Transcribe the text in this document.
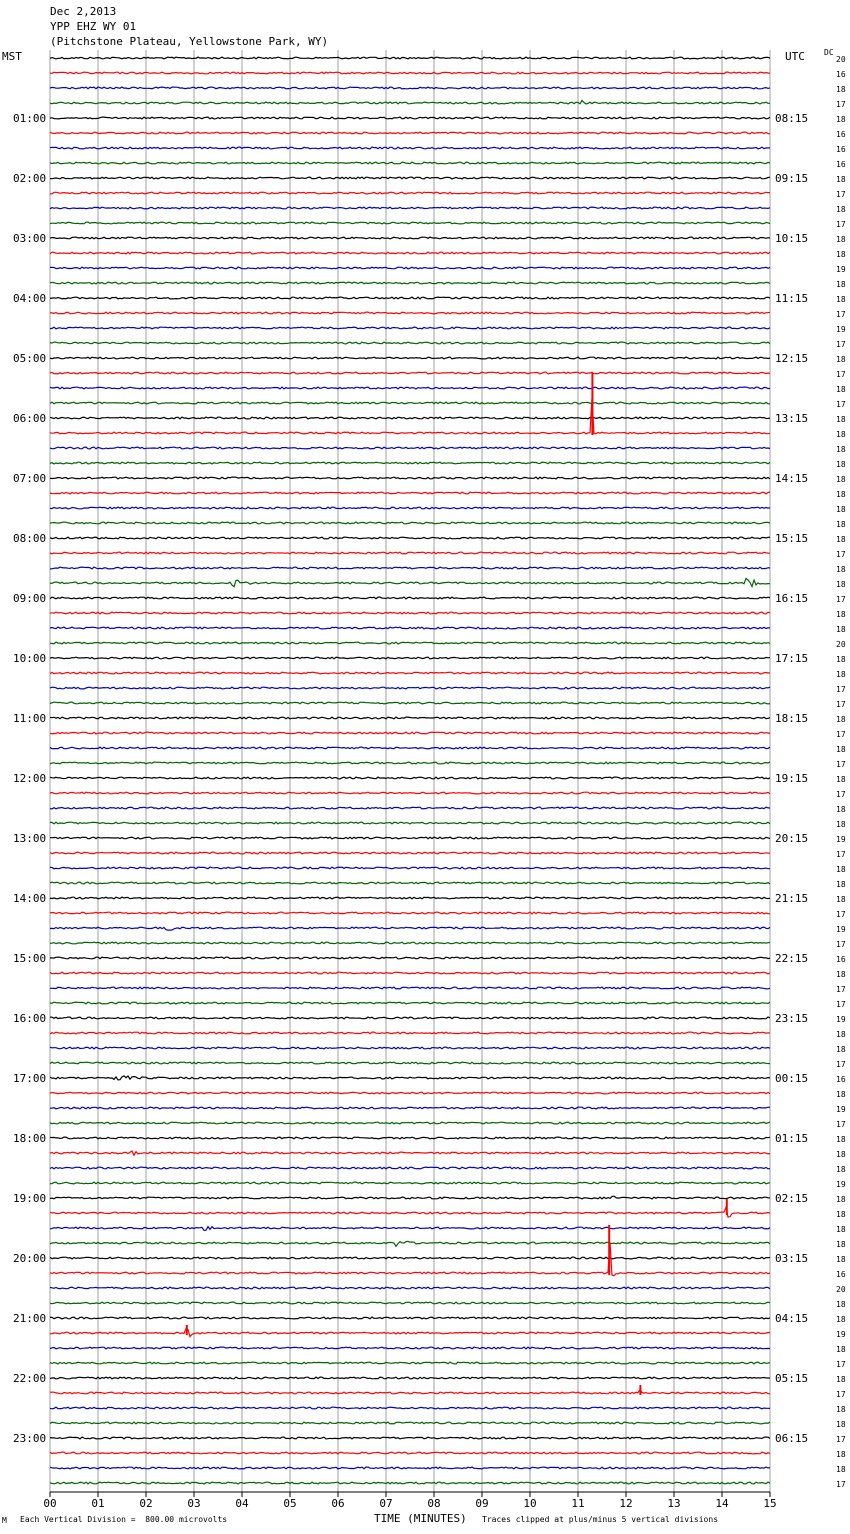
Dec 2,2013
YPP EHZ WY 01
(Pitchstone Plateau, Yellowstone Park, WY)
MST	UTC DC
00	01	02	03	04	05	06	07	08	09	10	11	12	13	14	15
20
16
18
17
18
16
16
16
18
17
18
17
18
18
19
18
18
17
19
17
18
17
18
17
18
18
18
18
18
18
18
18
18
17
18
18
17
18
18
20
18
18
17
17
18
17
18
17
18
17
18
18
19
17
18
18
18
17
19
17
16
18
17
17
19
18
18
17
16
18
19
17
18
18
18
19
18
18
18
18
18
16
20
18
18
19
18
17
18
17
18
18
17
18
18
17
01:00
02:00
03:00
04:00
05:00
06:00
07:00
08:00
09:00
10:00
11:00
12:00
13:00
14:00
15:00
16:00
17:00
18:00
19:00
20:00
21:00
22:00
23:00
08:15
09:15
10:15
11:15
12:15
13:15
14:15
15:15
16:15
17:15
18:15
19:15
20:15
21:15
22:15
23:15
00:15
01:15
02:15
03:15
04:15
05:15
06:15
M Each Vertical Division =  800.00 microvolts	TIME (MINUTES) Traces clipped at plus/minus 5 vertical divisions
